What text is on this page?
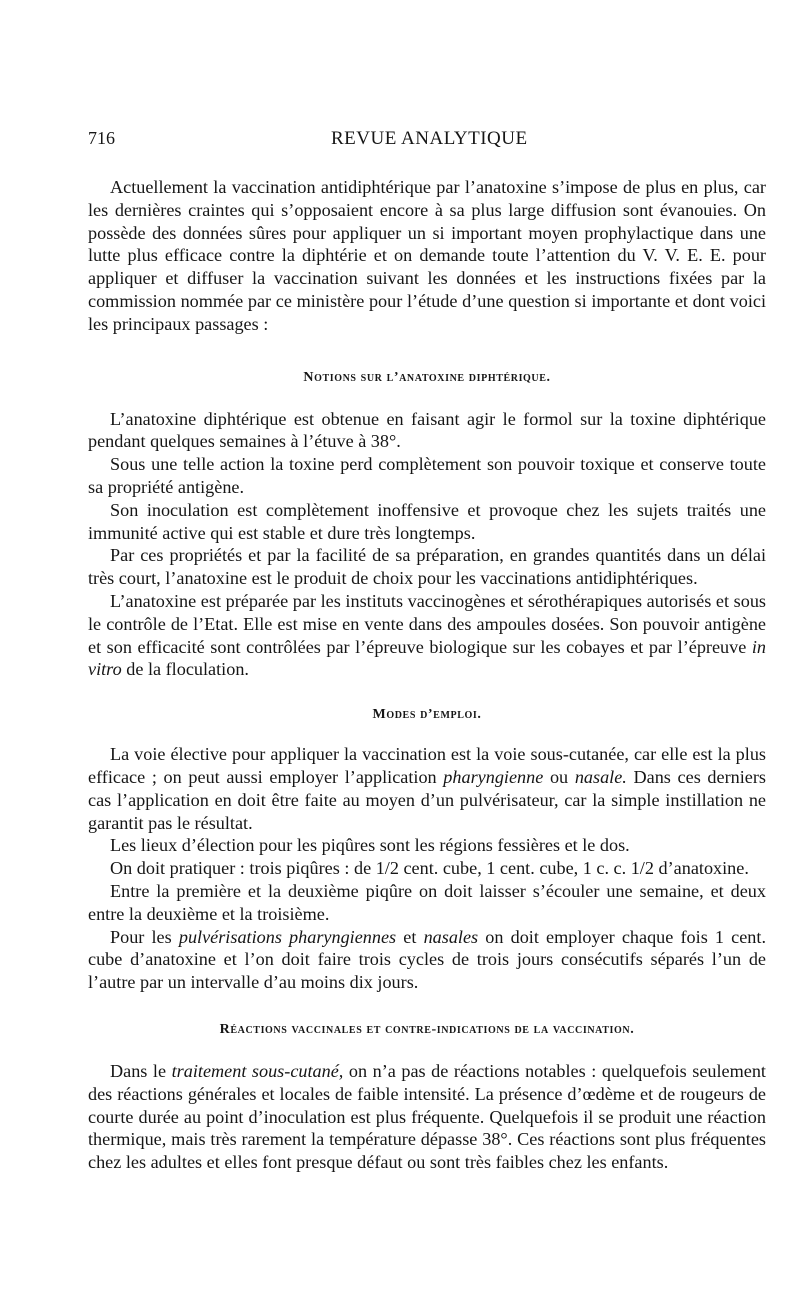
716	REVUE ANALYTIQUE

Actuellement la vaccination antidiphtérique par l’anatoxine s’impose de plus en plus, car les dernières craintes qui s’opposaient encore à sa plus large diffusion sont évanouies. On possède des données sûres pour appliquer un si important moyen prophylactique dans une lutte plus efficace contre la diphtérie et on demande toute l’attention du V. V. E. E. pour appliquer et diffuser la vaccination suivant les données et les instructions fixées par la commission nommée par ce ministère pour l’étude d’une question si importante et dont voici les principaux passages :

Notions sur l’anatoxine diphtérique.

L’anatoxine diphtérique est obtenue en faisant agir le formol sur la toxine diphtérique pendant quelques semaines à l’étuve à 38°.

Sous une telle action la toxine perd complètement son pouvoir toxique et conserve toute sa propriété antigène.

Son inoculation est complètement inoffensive et provoque chez les sujets traités une immunité active qui est stable et dure très longtemps.

Par ces propriétés et par la facilité de sa préparation, en grandes quantités dans un délai très court, l’anatoxine est le produit de choix pour les vaccinations antidiphtériques.

L’anatoxine est préparée par les instituts vaccinogènes et sérothérapiques autorisés et sous le contrôle de l’Etat. Elle est mise en vente dans des ampoules dosées. Son pouvoir antigène et son efficacité sont contrôlées par l’épreuve biologique sur les cobayes et par l’épreuve in vitro de la floculation.

Modes d’emploi.

La voie élective pour appliquer la vaccination est la voie sous-cutanée, car elle est la plus efficace ; on peut aussi employer l’application pharyngienne ou nasale. Dans ces derniers cas l’application en doit être faite au moyen d’un pulvérisateur, car la simple instillation ne garantit pas le résultat.

Les lieux d’élection pour les piqûres sont les régions fessières et le dos.

On doit pratiquer : trois piqûres : de 1/2 cent. cube, 1 cent. cube, 1 c. c. 1/2 d’anatoxine.

Entre la première et la deuxième piqûre on doit laisser s’écouler une semaine, et deux entre la deuxième et la troisième.

Pour les pulvérisations pharyngiennes et nasales on doit employer chaque fois 1 cent. cube d’anatoxine et l’on doit faire trois cycles de trois jours consécutifs séparés l’un de l’autre par un intervalle d’au moins dix jours.

Réactions vaccinales et contre-indications de la vaccination.

Dans le traitement sous-cutané, on n’a pas de réactions notables : quelquefois seulement des réactions générales et locales de faible intensité. La présence d’œdème et de rougeurs de courte durée au point d’inoculation est plus fréquente. Quelquefois il se produit une réaction thermique, mais très rarement la température dépasse 38°. Ces réactions sont plus fréquentes chez les adultes et elles font presque défaut ou sont très faibles chez les enfants.
